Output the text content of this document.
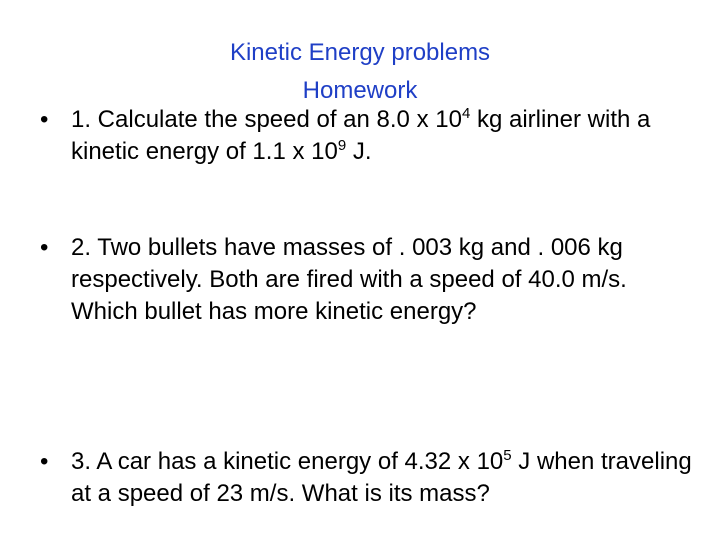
Kinetic Energy problems
Homework
• 1. Calculate the speed of an 8.0 x $10^4$ kg airliner with a kinetic energy of 1.1 x $10^9$ J.
• 2. Two bullets have masses of . 003 kg and . 006 kg respectively. Both are fired with a speed of 40.0 m/s. Which bullet has more kinetic energy?
• 3. A car has a kinetic energy of 4.32 x $10^5$ J when traveling at a speed of 23 m/s. What is its mass?
